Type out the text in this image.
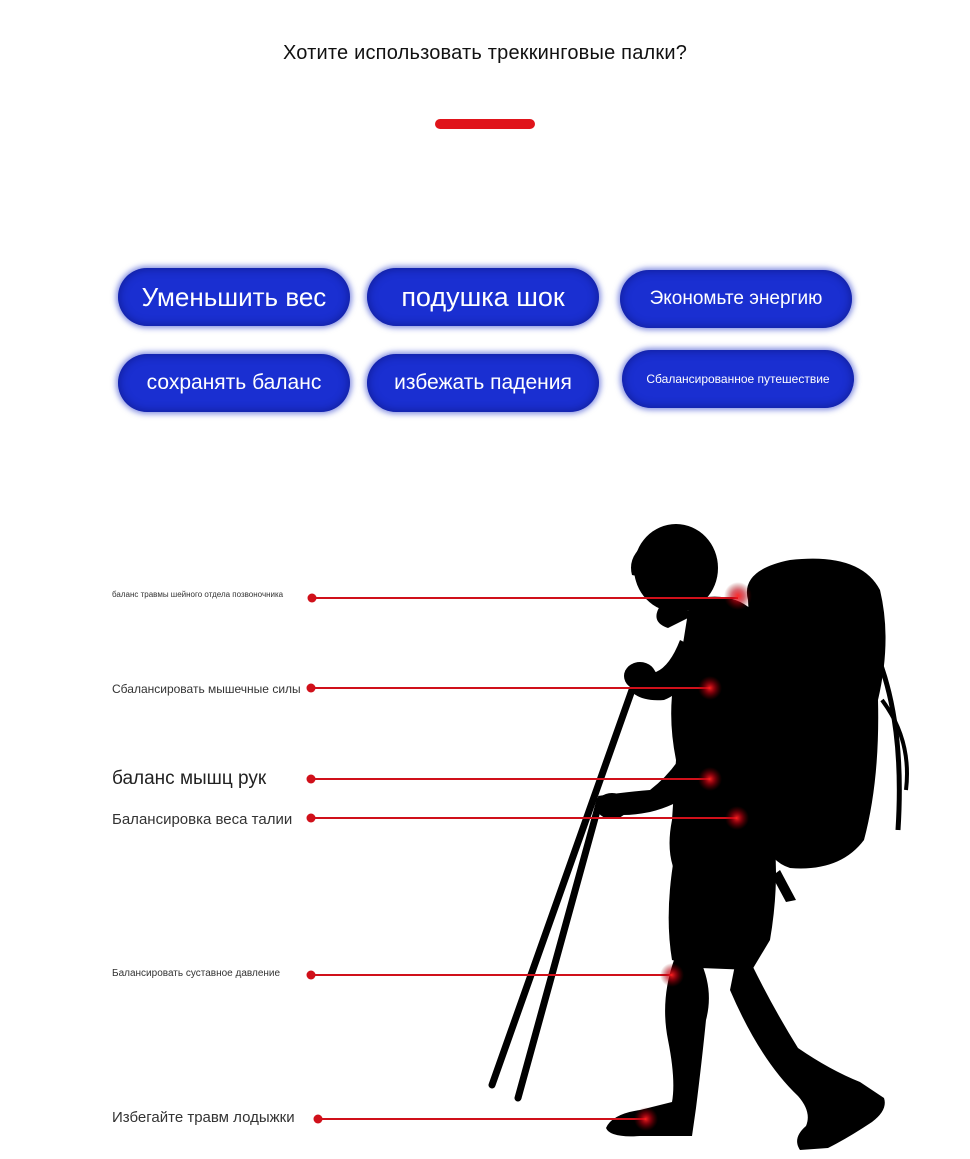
Хотите использовать треккинговые палки?
Уменьшить вес	подушка шок	Экономьте энергию
сохранять баланс	избежать падения	Сбалансированное путешествие
баланс травмы шейного отдела позвоночника
Сбалансировать мышечные силы
баланс мышц рук
Балансировка веса талии
Балансировать суставное давление
Избегайте травм лодыжки
